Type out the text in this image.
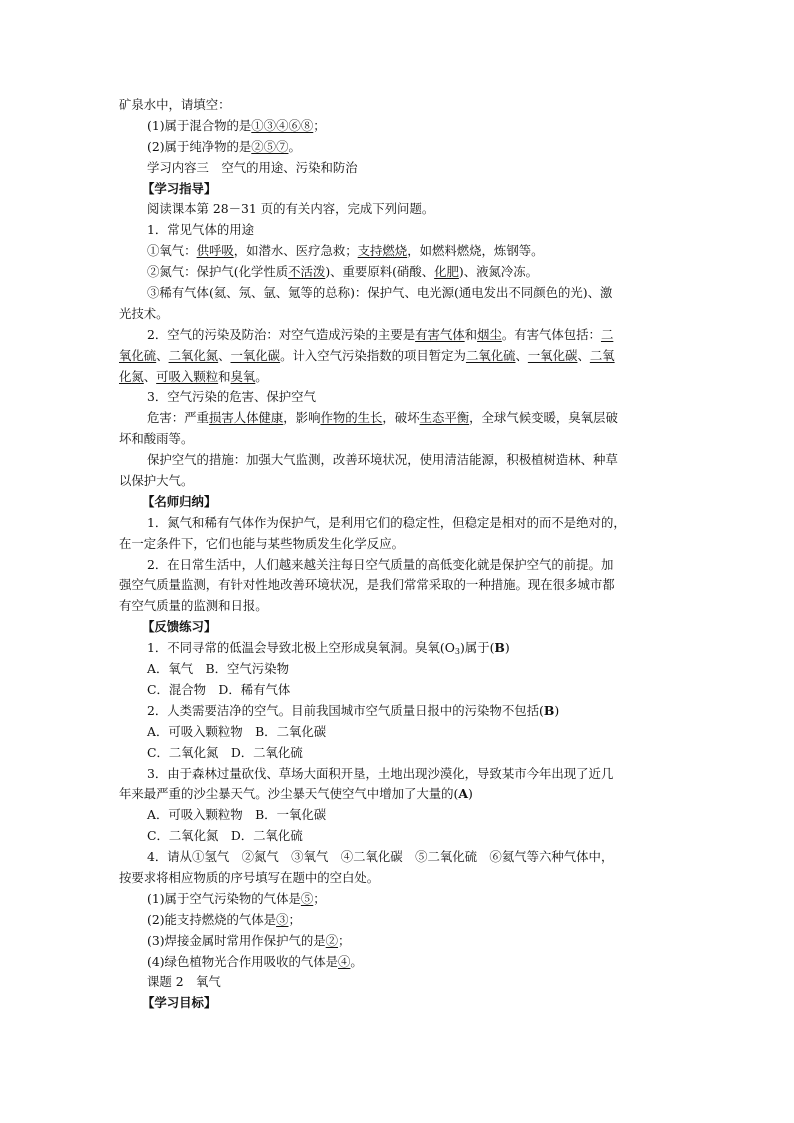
矿泉水中，请填空：
(1)属于混合物的是①③④⑥⑧；
(2)属于纯净物的是②⑤⑦。
学习内容三　空气的用途、污染和防治
【学习指导】
阅读课本第 28－31 页的有关内容，完成下列问题。
1．常见气体的用途
①氧气：供呼吸，如潜水、医疗急救；支持燃烧，如燃料燃烧，炼钢等。
②氮气：保护气(化学性质不活泼)、重要原料(硝酸、化肥)、液氮冷冻。
③稀有气体(氦、氖、氩、氪等的总称)：保护气、电光源(通电发出不同颜色的光)、激
光技术。
2．空气的污染及防治：对空气造成污染的主要是有害气体和烟尘。有害气体包括：二
氧化硫、二氧化氮、一氧化碳。计入空气污染指数的项目暂定为二氧化硫、一氧化碳、二氧
化氮、可吸入颗粒和臭氧。
3．空气污染的危害、保护空气
危害：严重损害人体健康，影响作物的生长，破坏生态平衡，全球气候变暖，臭氧层破
坏和酸雨等。
保护空气的措施：加强大气监测，改善环境状况，使用清洁能源，积极植树造林、种草
以保护大气。
【名师归纳】
1．氮气和稀有气体作为保护气，是利用它们的稳定性，但稳定是相对的而不是绝对的，
在一定条件下，它们也能与某些物质发生化学反应。
2．在日常生活中，人们越来越关注每日空气质量的高低变化就是保护空气的前提。加
强空气质量监测，有针对性地改善环境状况，是我们常常采取的一种措施。现在很多城市都
有空气质量的监测和日报。
【反馈练习】
1．不同寻常的低温会导致北极上空形成臭氧洞。臭氧$(O_3)$属于(B)
A．氧气　B．空气污染物
C．混合物　D．稀有气体
2．人类需要洁净的空气。目前我国城市空气质量日报中的污染物不包括(B)
A．可吸入颗粒物　B．二氧化碳
C．二氧化氮　D．二氧化硫
3．由于森林过量砍伐、草场大面积开垦，土地出现沙漠化，导致某市今年出现了近几
年来最严重的沙尘暴天气。沙尘暴天气使空气中增加了大量的(A)
A．可吸入颗粒物　B．一氧化碳
C．二氧化氮　D．二氧化硫
4．请从①氢气　②氮气　③氧气　④二氧化碳　⑤二氧化硫　⑥氦气等六种气体中，
按要求将相应物质的序号填写在题中的空白处。
(1)属于空气污染物的气体是⑤；
(2)能支持燃烧的气体是③；
(3)焊接金属时常用作保护气的是②；
(4)绿色植物光合作用吸收的气体是④。
课题 2　氧气
【学习目标】
